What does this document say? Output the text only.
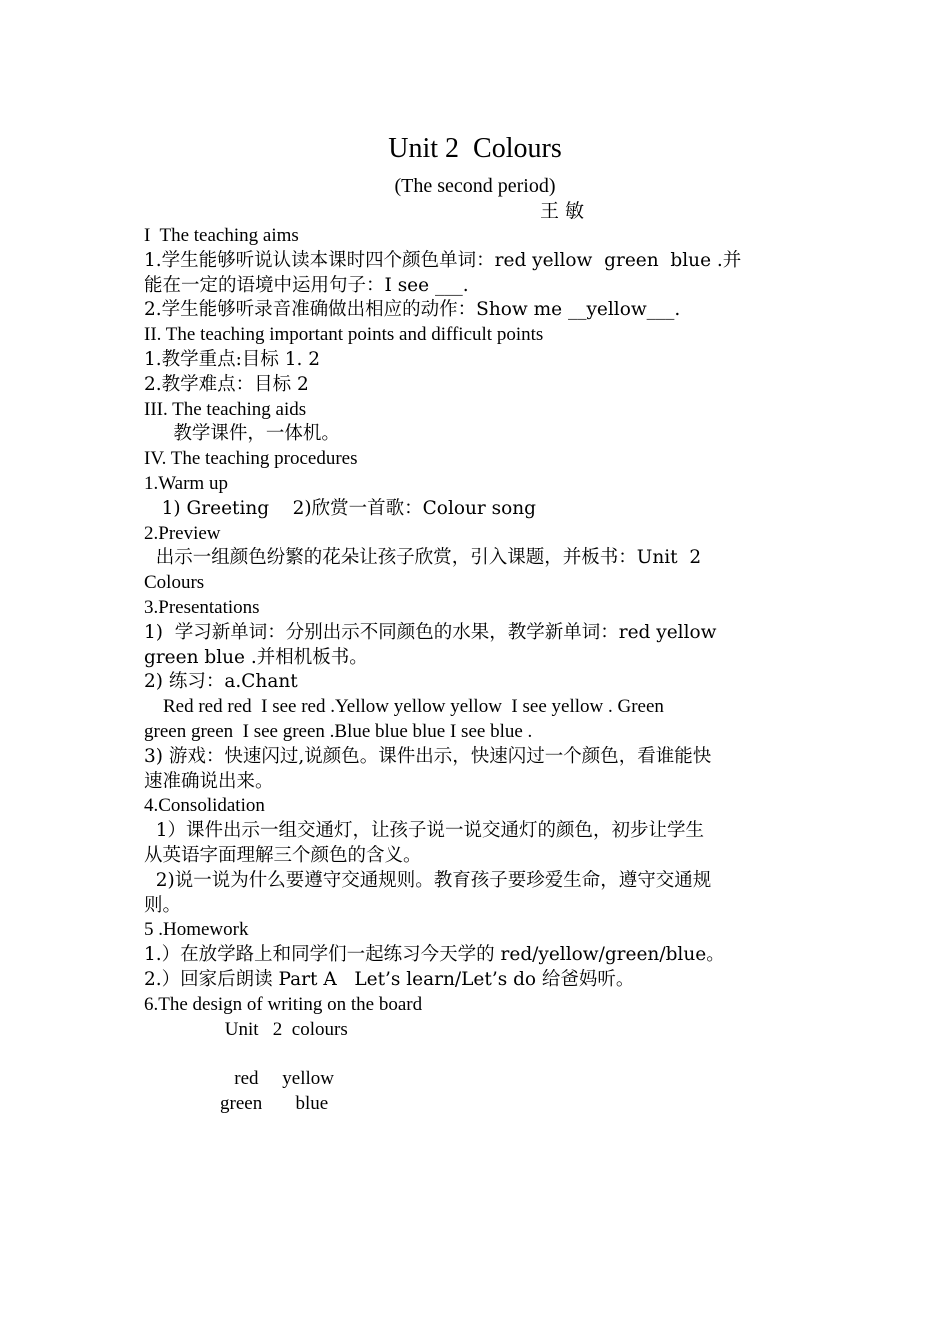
Unit 2  Colours
(The second period)
王 敏
I  The teaching aims
1.学生能够听说认读本课时四个颜色单词：red yellow  green  blue .并
能在一定的语境中运用句子：I see ___.
2.学生能够听录音准确做出相应的动作：Show me __yellow___.
II. The teaching important points and difficult points
1.教学重点:目标 1. 2
2.教学难点：目标 2
III. The teaching aids
教学课件，一体机。
IV. The teaching procedures
1.Warm up
1) Greeting    2)欣赏一首歌：Colour song
2.Preview
出示一组颜色纷繁的花朵让孩子欣赏，引入课题，并板书：Unit  2
Colours
3.Presentations
1)  学习新单词：分别出示不同颜色的水果，教学新单词：red yellow
green blue .并相机板书。
2) 练习：a.Chant
Red red red  I see red .Yellow yellow yellow  I see yellow . Green
green green  I see green .Blue blue blue I see blue .
3) 游戏：快速闪过,说颜色。课件出示，快速闪过一个颜色，看谁能快
速准确说出来。
4.Consolidation
1）课件出示一组交通灯，让孩子说一说交通灯的颜色，初步让学生
从英语字面理解三个颜色的含义。
2)说一说为什么要遵守交通规则。教育孩子要珍爱生命，遵守交通规
则。
5 .Homework
1.）在放学路上和同学们一起练习今天学的 red/yellow/green/blue。
2.）回家后朗读 Part A   Let’s learn/Let’s do 给爸妈听。
6.The design of writing on the board
Unit   2  colours
red     yellow
green       blue
